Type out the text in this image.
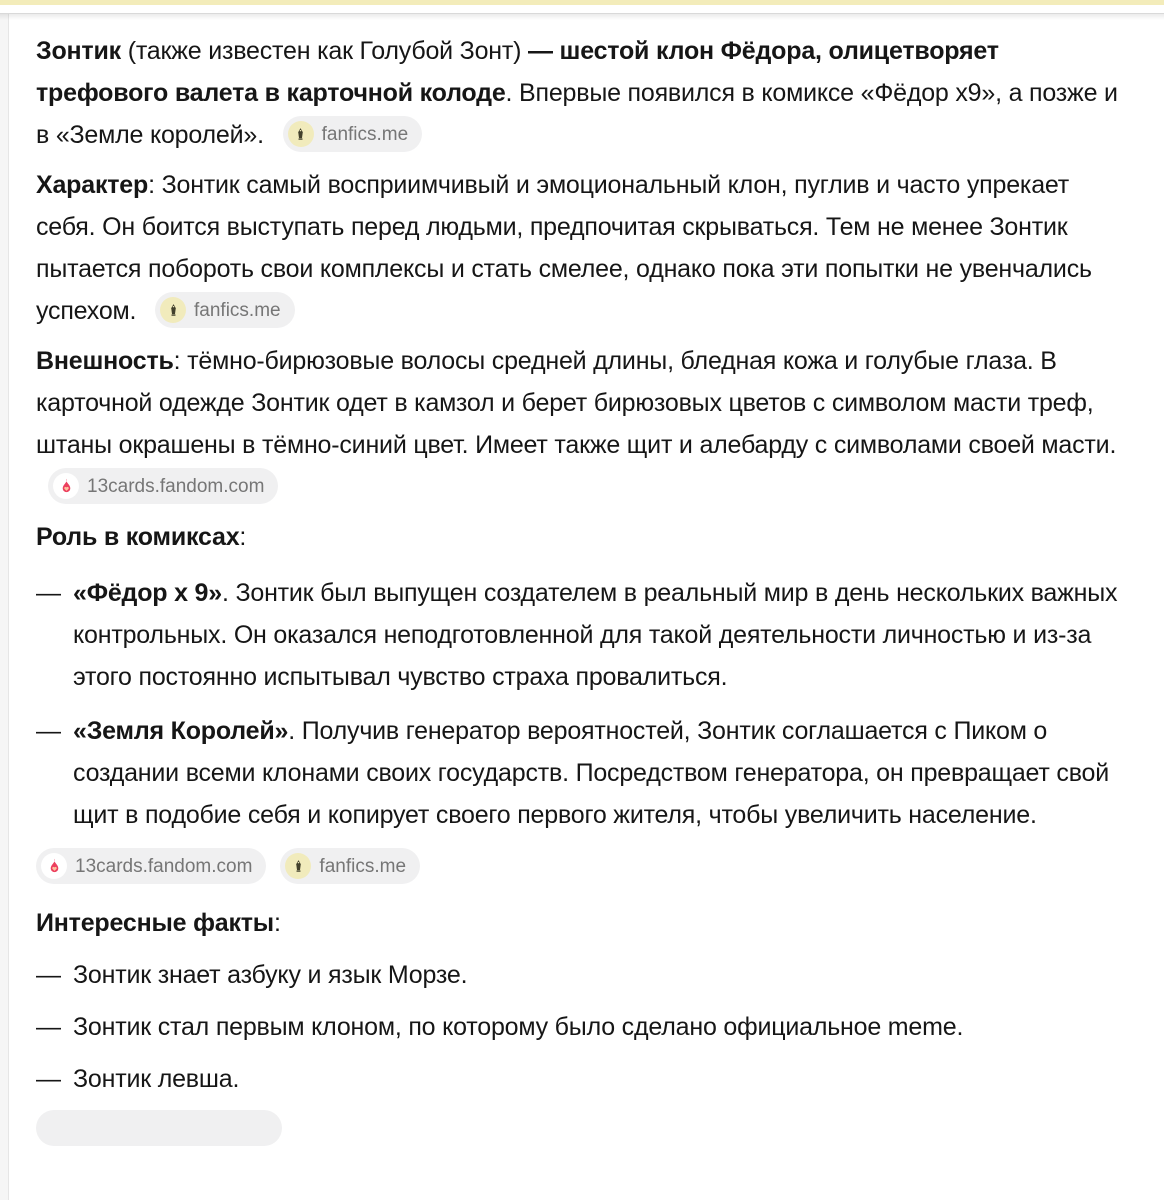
Зонтик (также известен как Голубой Зонт) — шестой клон Фёдора, олицетворяет трефового валета в карточной колоде. Впервые появился в комиксе «Фёдор х9», а позже и в «Земле королей».	fanfics.me
Характер: Зонтик самый восприимчивый и эмоциональный клон, пуглив и часто упрекает себя. Он боится выступать перед людьми, предпочитая скрываться. Тем не менее Зонтик пытается побороть свои комплексы и стать смелее, однако пока эти попытки не увенчались успехом.	fanfics.me
Внешность: тёмно-бирюзовые волосы средней длины, бледная кожа и голубые глаза. В карточной одежде Зонтик одет в камзол и берет бирюзовых цветов с символом масти треф, штаны окрашены в тёмно-синий цвет. Имеет также щит и алебарду с символами своей масти.
13cards.fandom.com
Роль в комиксах:
— «Фёдор x 9». Зонтик был выпущен создателем в реальный мир в день нескольких важных контрольных. Он оказался неподготовленной для такой деятельности личностью и из-за этого постоянно испытывал чувство страха провалиться.
— «Земля Королей». Получив генератор вероятностей, Зонтик соглашается с Пиком о создании всеми клонами своих государств. Посредством генератора, он превращает свой щит в подобие себя и копирует своего первого жителя, чтобы увеличить население.
13cards.fandom.com	fanfics.me
Интересные факты:
— Зонтик знает азбуку и язык Морзе.
— Зонтик стал первым клоном, по которому было сделано официальное meme.
— Зонтик левша.
